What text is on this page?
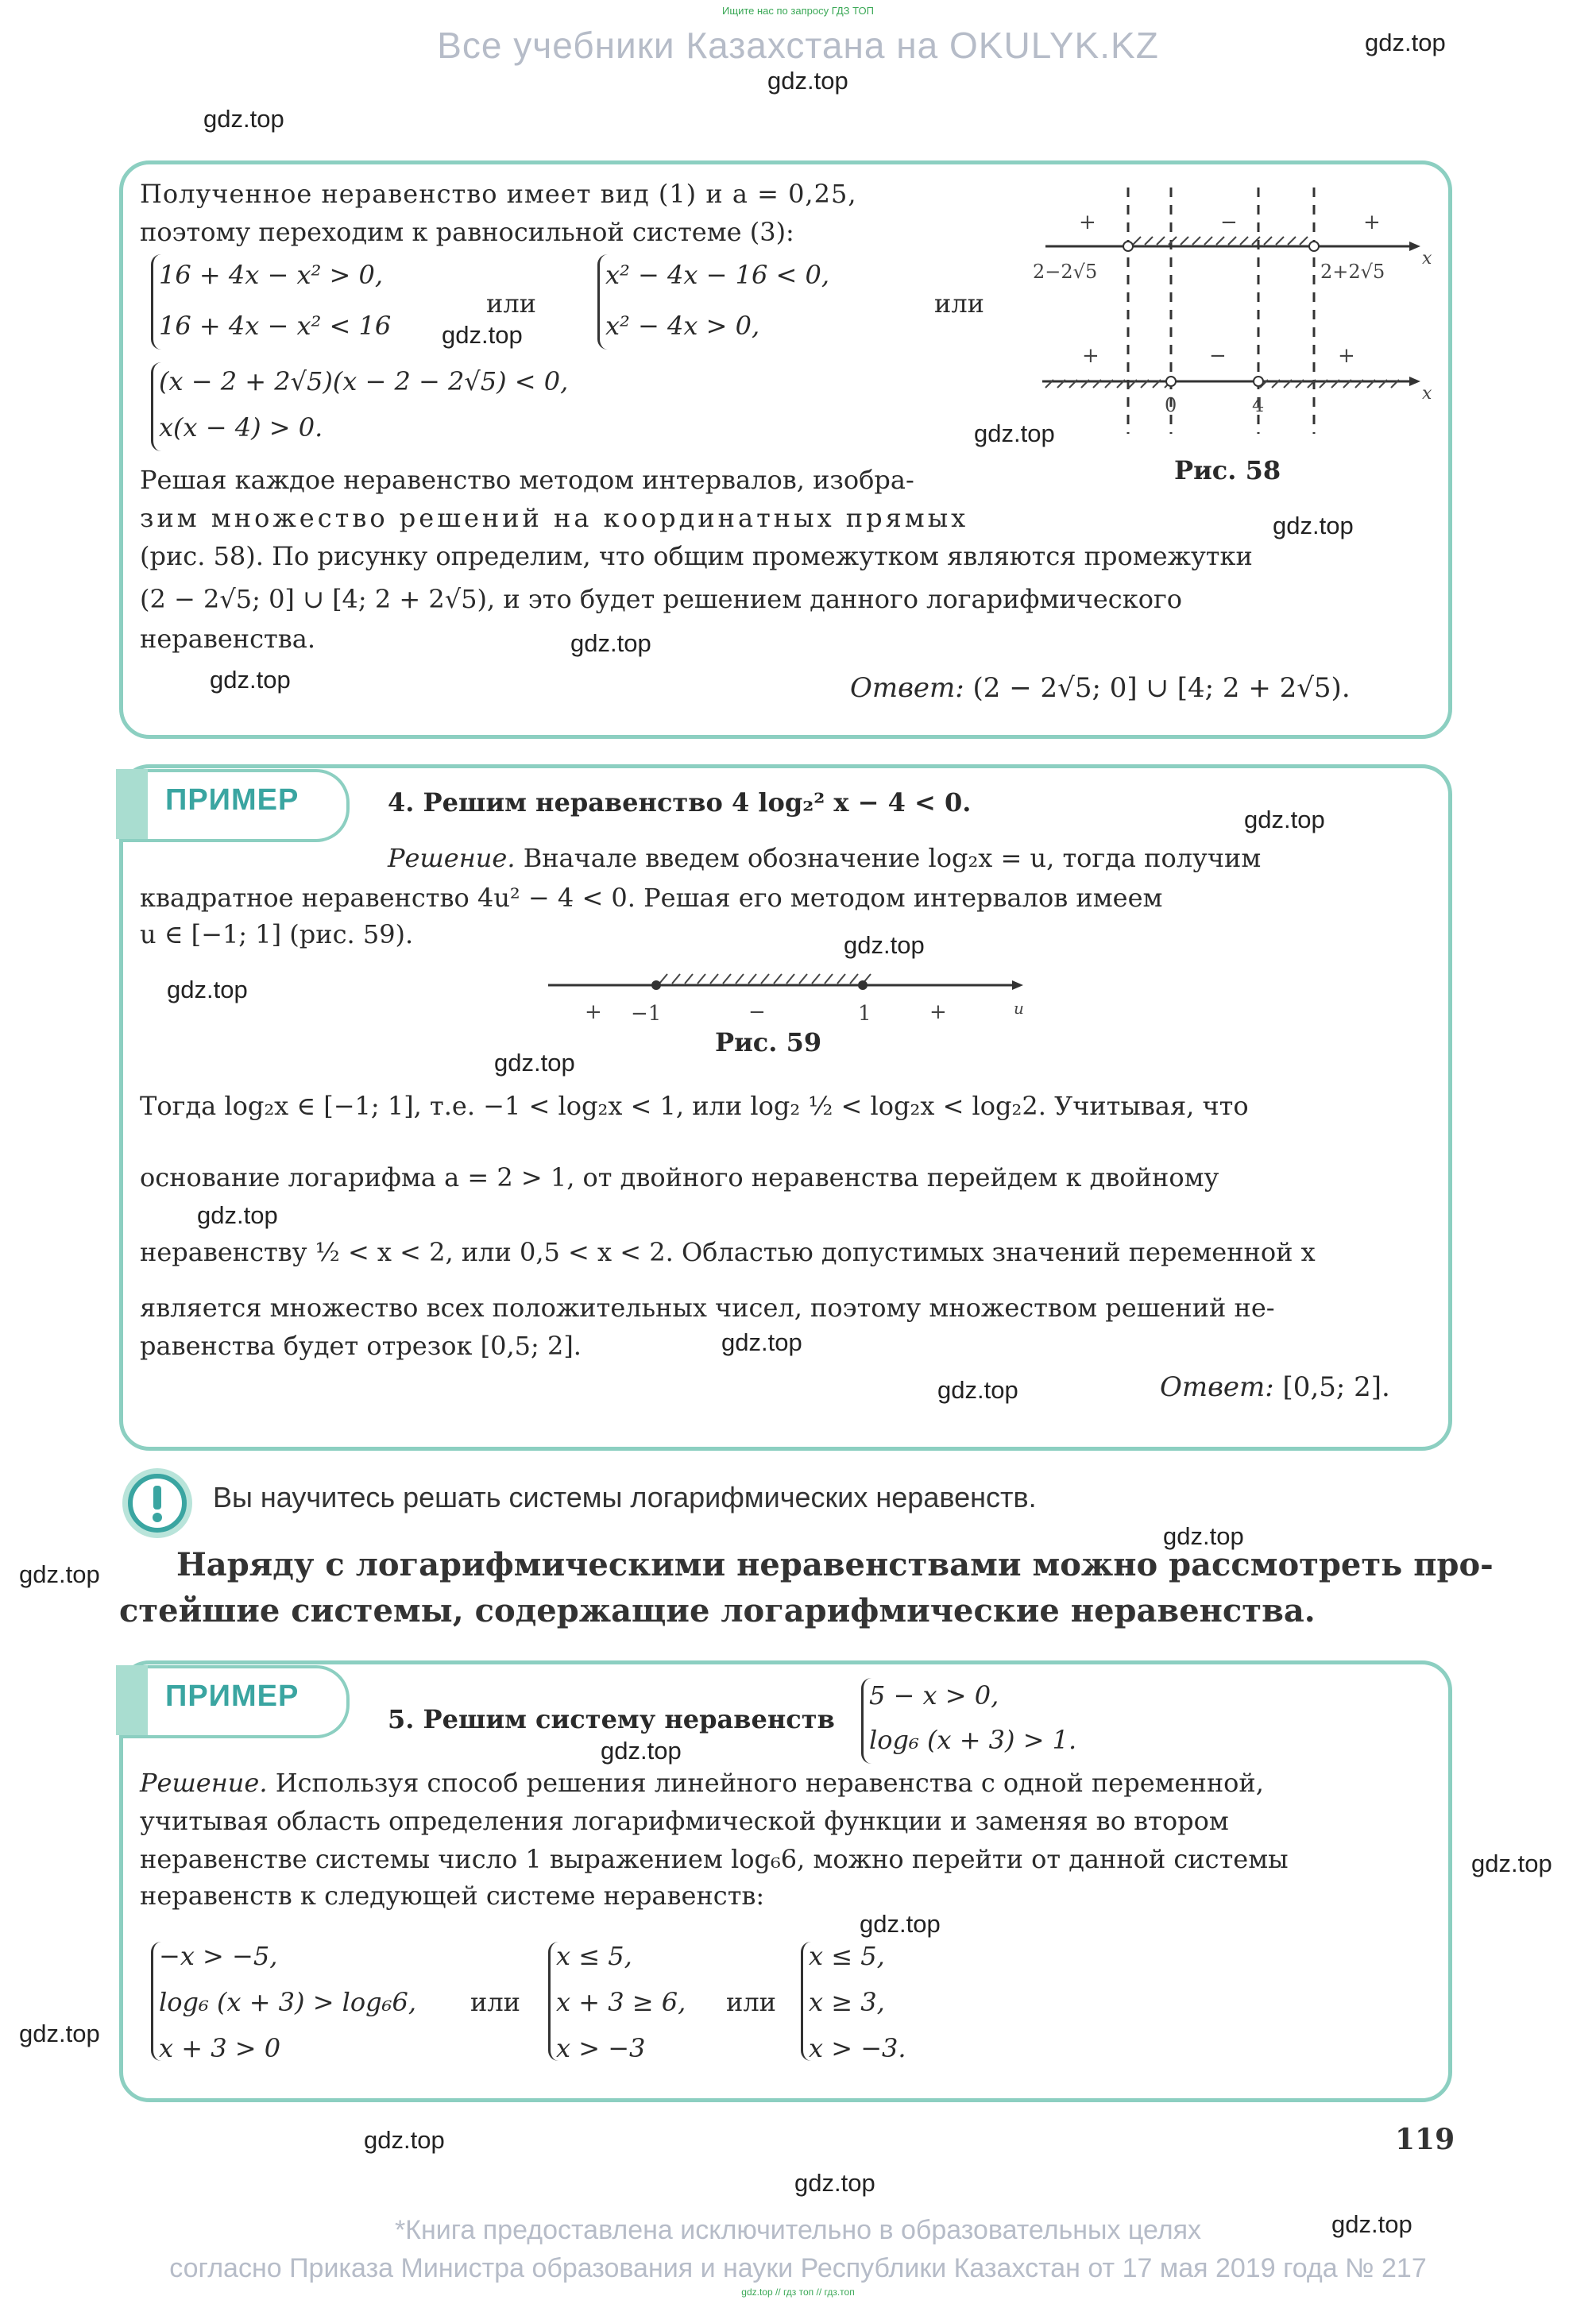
Ищите нас по запросу ГДЗ ТОП
Все учебники Казахстана на OKULYK.KZ	gdz.top
gdz.top
gdz.top
Полученное неравенство имеет вид (1) и a = 0,25,
поэтому переходим к равносильной системе (3):
16 + 4x − x² > 0,
16 + 4x − x² < 16
или
x² − 4x − 16 < 0,
x² − 4x > 0,
или
gdz.top
(x − 2 + 2√5)(x − 2 − 2√5) < 0,
x(x − 4) > 0.
+	−	+
2−2√5	2+2√5
x
+	−	+
0	4
x
gdz.top
Рис. 58
gdz.top
Решая каждое неравенство методом интервалов, изобра-
зим множество решений на координатных прямых
(рис. 58). По рисунку определим, что общим промежутком являются промежутки
(2 − 2√5; 0] ∪ [4; 2 + 2√5), и это будет решением данного логарифмического
неравенства.	gdz.top
gdz.top	Ответ: (2 − 2√5; 0] ∪ [4; 2 + 2√5).
ПРИМЕР	4. Решим неравенство 4 log₂² x − 4 < 0.
gdz.top
Решение. Вначале введем обозначение log₂x = u, тогда получим
квадратное неравенство 4u² − 4 < 0. Решая его методом интервалов имеем
u ∈ [−1; 1] (рис. 59).	gdz.top
+ −1	−	1	+	u
gdz.top
Рис. 59
gdz.top
Тогда log₂x ∈ [−1; 1], т.е. −1 < log₂x < 1, или log₂ ½ < log₂x < log₂2. Учитывая, что
основание логарифма a = 2 > 1, от двойного неравенства перейдем к двойному
gdz.top
неравенству ½ < x < 2, или 0,5 < x < 2. Областью допустимых значений переменной x
является множество всех положительных чисел, поэтому множеством решений не-
равенства будет отрезок [0,5; 2].	gdz.top
gdz.top	Ответ: [0,5; 2].
Вы научитесь решать системы логарифмических неравенств.
gdz.top
gdz.top Наряду с логарифмическими неравенствами можно рассмотреть про-
стейшие системы, содержащие логарифмические неравенства.
ПРИМЕР
5. Решим систему неравенств
5 − x > 0,
log₆ (x + 3) > 1.
gdz.top
Решение. Используя способ решения линейного неравенства с одной переменной,
учитывая область определения логарифмической функции и заменяя во втором
неравенстве системы число 1 выражением log₆6, можно перейти от данной системы
неравенств к следующей системе неравенств:
gdz.top
gdz.top
−x > −5,
log₆ (x + 3) > log₆6,
x + 3 > 0
или
x ≤ 5,
x + 3 ≥ 6,
x > −3
или
x ≤ 5,
x ≥ 3,
x > −3.
gdz.top
gdz.top	119
gdz.top
gdz.top
*Книга предоставлена исключительно в образовательных целях
согласно Приказа Министра образования и науки Республики Казахстан от 17 мая 2019 года № 217
gdz.top // гдз топ // гдз.топ
